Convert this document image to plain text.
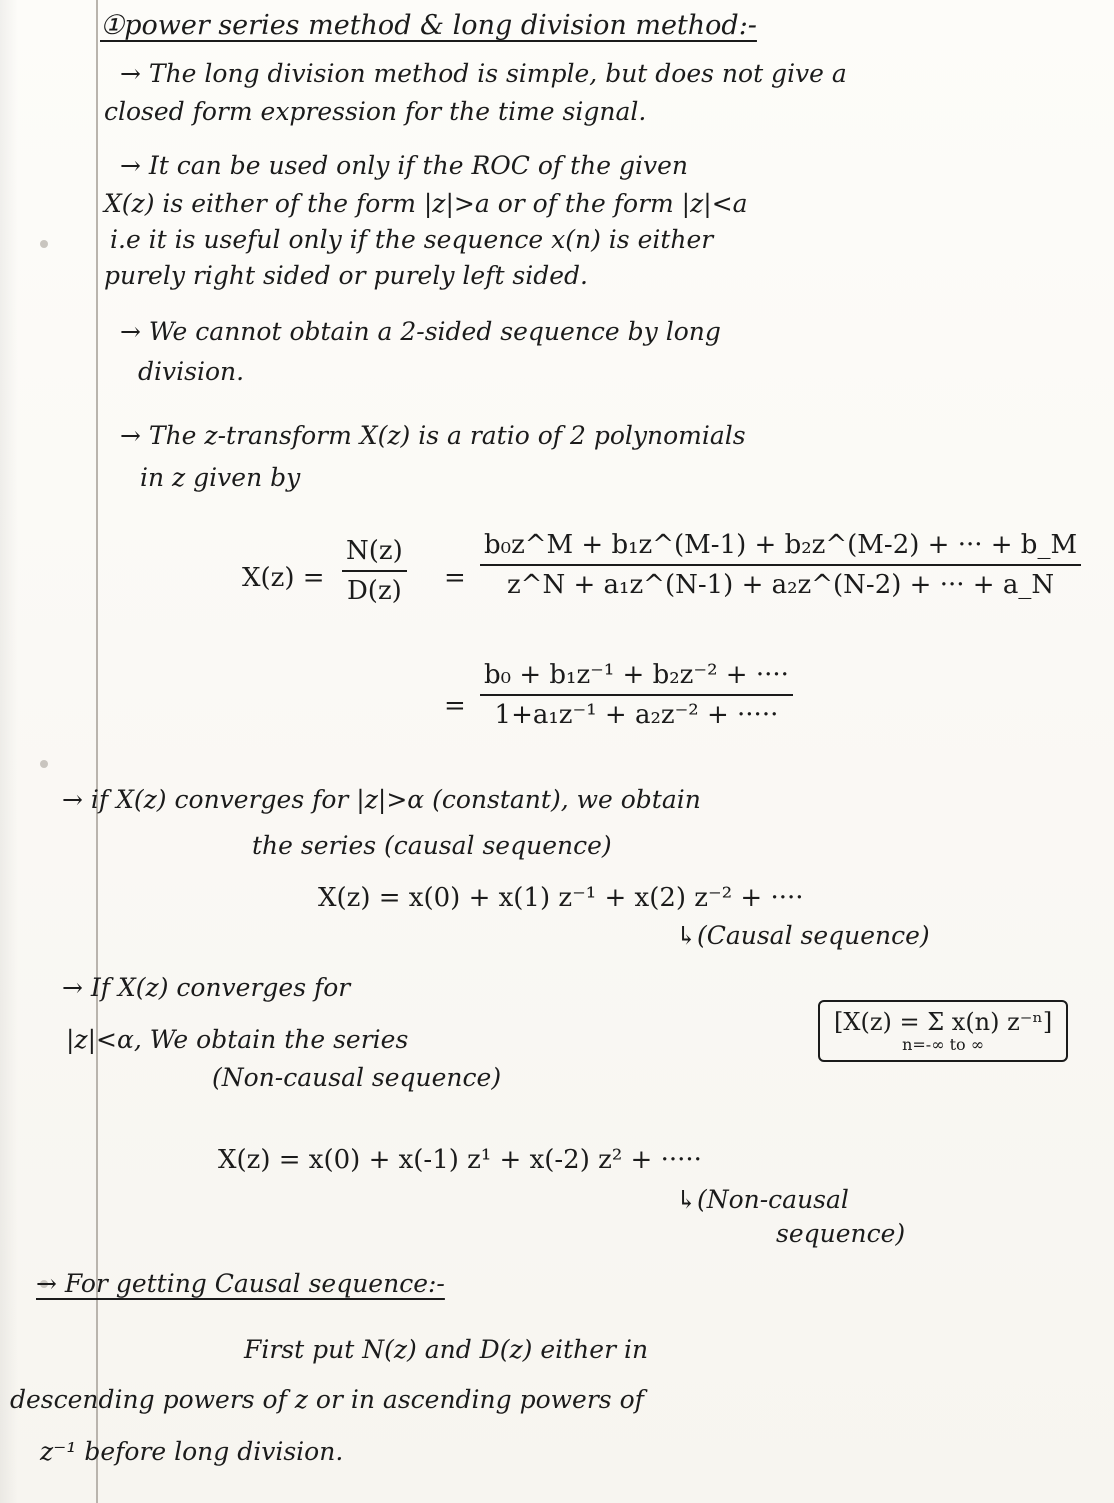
①power series method & long division method:-
→ The long division method is simple, but does not give a
closed form expression for the time signal.
→ It can be used only if the ROC of the given
X(z) is either of the form |z|>a or of the form |z|<a
i.e it is useful only if the sequence x(n) is either
purely right sided or purely left sided.
→ We cannot obtain a 2-sided sequence by long
division.
→ The z-transform X(z) is a ratio of 2 polynomials
in z given by
X(z) =
N(z)
D(z) =
b₀z^M + b₁z^(M-1) + b₂z^(M-2) + ··· + b_M
z^N + a₁z^(N-1) + a₂z^(N-2) + ··· + a_N
=
b₀ + b₁z⁻¹ + b₂z⁻² + ····
1+a₁z⁻¹ + a₂z⁻² + ·····
→ if X(z) converges for |z|>α (constant), we obtain
the series (causal sequence)
X(z) = x(0) + x(1) z⁻¹ + x(2) z⁻² + ····
↳(Causal sequence)
→ If X(z) converges for
|z|<α, We obtain the series
(Non-causal sequence)
[X(z) = Σ x(n) z⁻ⁿ]
n=-∞ to ∞
X(z) = x(0) + x(-1) z¹ + x(-2) z² + ·····
↳(Non-causal
sequence)
→ For getting Causal sequence:-
First put N(z) and D(z) either in
descending powers of z or in ascending powers of
z⁻¹ before long division.
